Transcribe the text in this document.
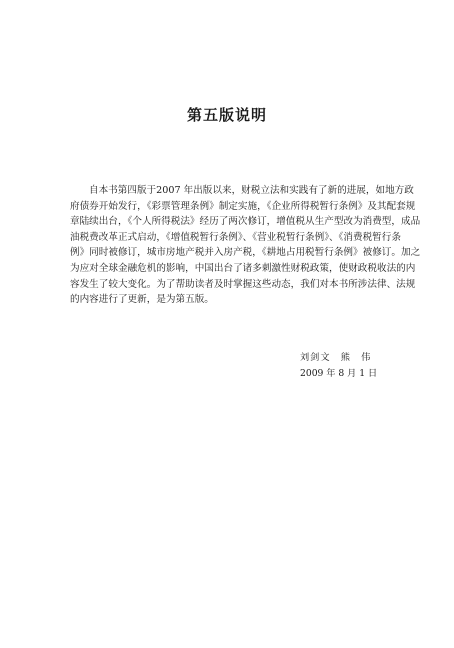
第五版说明
自本书第四版于2007 年出版以来，财税立法和实践有了新的进展，如地方政
府债券开始发行，《彩票管理条例》制定实施，《企业所得税暂行条例》及其配套规
章陆续出台，《个人所得税法》经历了两次修订，增值税从生产型改为消费型，成品
油税费改革正式启动，《增值税暂行条例》、《营业税暂行条例》、《消费税暂行条
例》同时被修订，城市房地产税并入房产税，《耕地占用税暂行条例》被修订。加之
为应对全球金融危机的影响，中国出台了诸多刺激性财税政策，使财政税收法的内
容发生了较大变化。为了帮助读者及时掌握这些动态，我们对本书所涉法律、法规
的内容进行了更新，是为第五版。
刘剑文　熊　伟
2009 年 8 月 1 日
